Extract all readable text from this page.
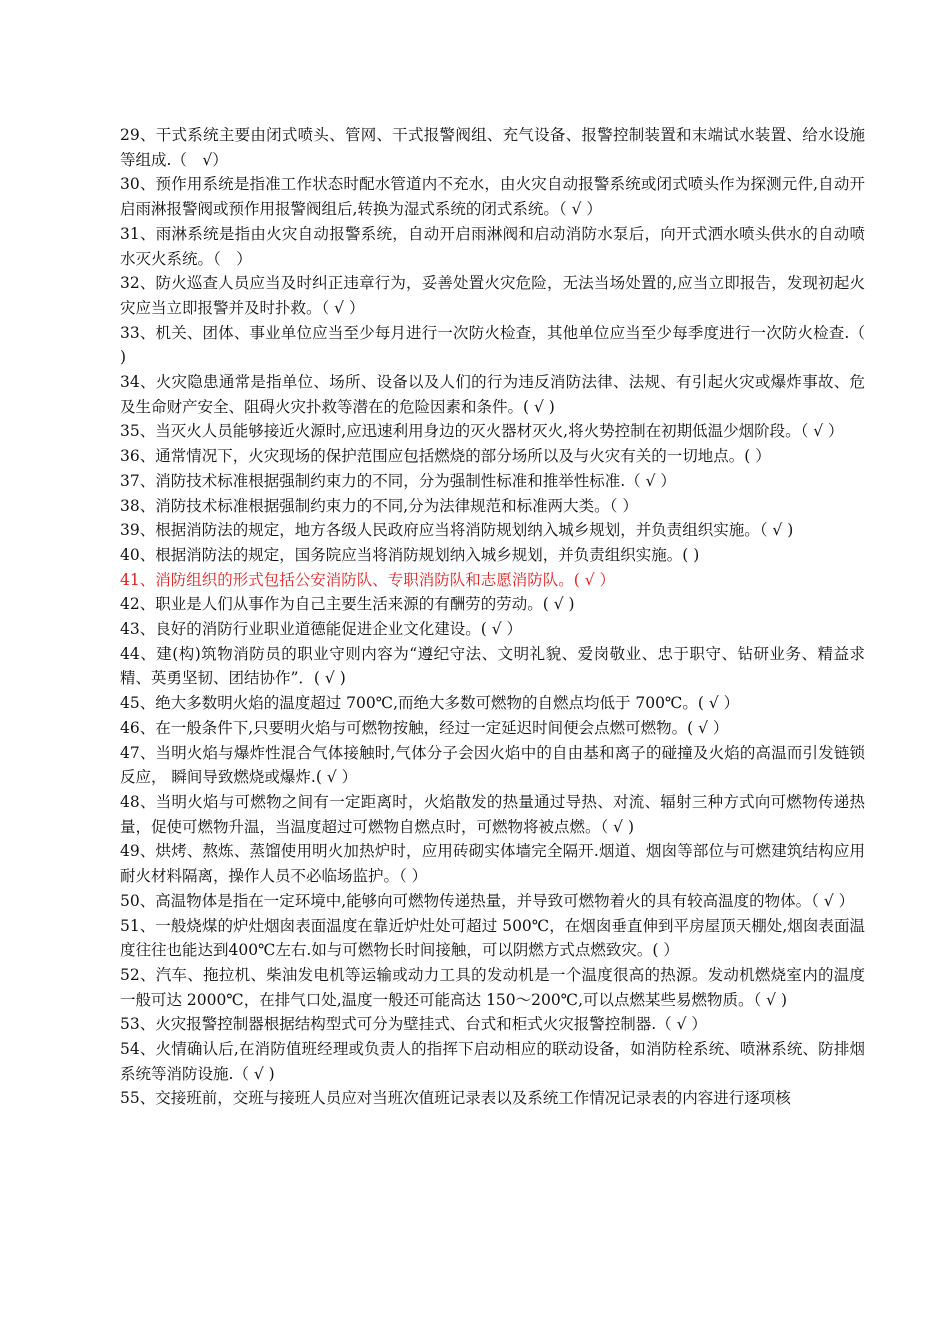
29、干式系统主要由闭式喷头、管网、干式报警阀组、充气设备、报警控制装置和末端试水装置、给水设施等组成.（　√）

30、预作用系统是指准工作状态时配水管道内不充水，由火灾自动报警系统或闭式喷头作为探测元件,自动开启雨淋报警阀或预作用报警阀组后,转换为湿式系统的闭式系统。（ √ ）

31、雨淋系统是指由火灾自动报警系统，自动开启雨淋阀和启动消防水泵后，向开式洒水喷头供水的自动喷水灭火系统。（　）

32、防火巡查人员应当及时纠正违章行为，妥善处置火灾危险，无法当场处置的,应当立即报告，发现初起火灾应当立即报警并及时扑救。（ √ ）

33、机关、团体、事业单位应当至少每月进行一次防火检查，其他单位应当至少每季度进行一次防火检查.（ )

34、火灾隐患通常是指单位、场所、设备以及人们的行为违反消防法律、法规、有引起火灾或爆炸事故、危及生命财产安全、阻碍火灾扑救等潜在的危险因素和条件。( √ )

35、当灭火人员能够接近火源时,应迅速利用身边的灭火器材灭火,将火势控制在初期低温少烟阶段。（ √ ）

36、通常情况下，火灾现场的保护范围应包括燃烧的部分场所以及与火灾有关的一切地点。( ）

37、消防技术标准根据强制约束力的不同，分为强制性标准和推举性标准.（ √ ）

38、消防技术标准根据强制约束力的不同,分为法律规范和标准两大类。（ ）

39、根据消防法的规定，地方各级人民政府应当将消防规划纳入城乡规划，并负责组织实施。（ √ )

40、根据消防法的规定，国务院应当将消防规划纳入城乡规划，并负责组织实施。( )

41、消防组织的形式包括公安消防队、专职消防队和志愿消防队。( √ ）

42、职业是人们从事作为自己主要生活来源的有酬劳的劳动。( √ )

43、良好的消防行业职业道德能促进企业文化建设。( √ ）

44、建(构)筑物消防员的职业守则内容为“遵纪守法、文明礼貌、爱岗敬业、忠于职守、钻研业务、精益求精、英勇坚韧、团结协作”．( √ )

45、绝大多数明火焰的温度超过 700℃,而绝大多数可燃物的自燃点均低于 700℃。( √ ）

46、在一般条件下,只要明火焰与可燃物按触，经过一定延迟时间便会点燃可燃物。( √ ）

47、当明火焰与爆炸性混合气体接触时,气体分子会因火焰中的自由基和离子的碰撞及火焰的高温而引发链锁反应， 瞬间导致燃烧或爆炸.( √ ）

48、当明火焰与可燃物之间有一定距离时，火焰散发的热量通过导热、对流、辐射三种方式向可燃物传递热量，促使可燃物升温，当温度超过可燃物自燃点时，可燃物将被点燃。（ √ )

49、烘烤、熬炼、蒸馏使用明火加热炉时，应用砖砌实体墙完全隔开.烟道、烟囱等部位与可燃建筑结构应用耐火材料隔离，操作人员不必临场监护。（ ）

50、高温物体是指在一定环境中,能够向可燃物传递热量，并导致可燃物着火的具有较高温度的物体。（ √ ）

51、一般烧煤的炉灶烟囱表面温度在靠近炉灶处可超过 500℃，在烟囱垂直伸到平房屋顶天棚处,烟囱表面温度往往也能达到400℃左右.如与可燃物长时间接触，可以阴燃方式点燃致灾。( ）

52、汽车、拖拉机、柴油发电机等运输或动力工具的发动机是一个温度很高的热源。发动机燃烧室内的温度一般可达 2000℃，在排气口处,温度一般还可能高达 150～200℃,可以点燃某些易燃物质。（ √ )

53、火灾报警控制器根据结构型式可分为壁挂式、台式和柜式火灾报警控制器.（ √ ）

54、火情确认后,在消防值班经理或负责人的指挥下启动相应的联动设备，如消防栓系统、喷淋系统、防排烟系统等消防设施.（ √ )

55、交接班前，交班与接班人员应对当班次值班记录表以及系统工作情况记录表的内容进行逐项核
